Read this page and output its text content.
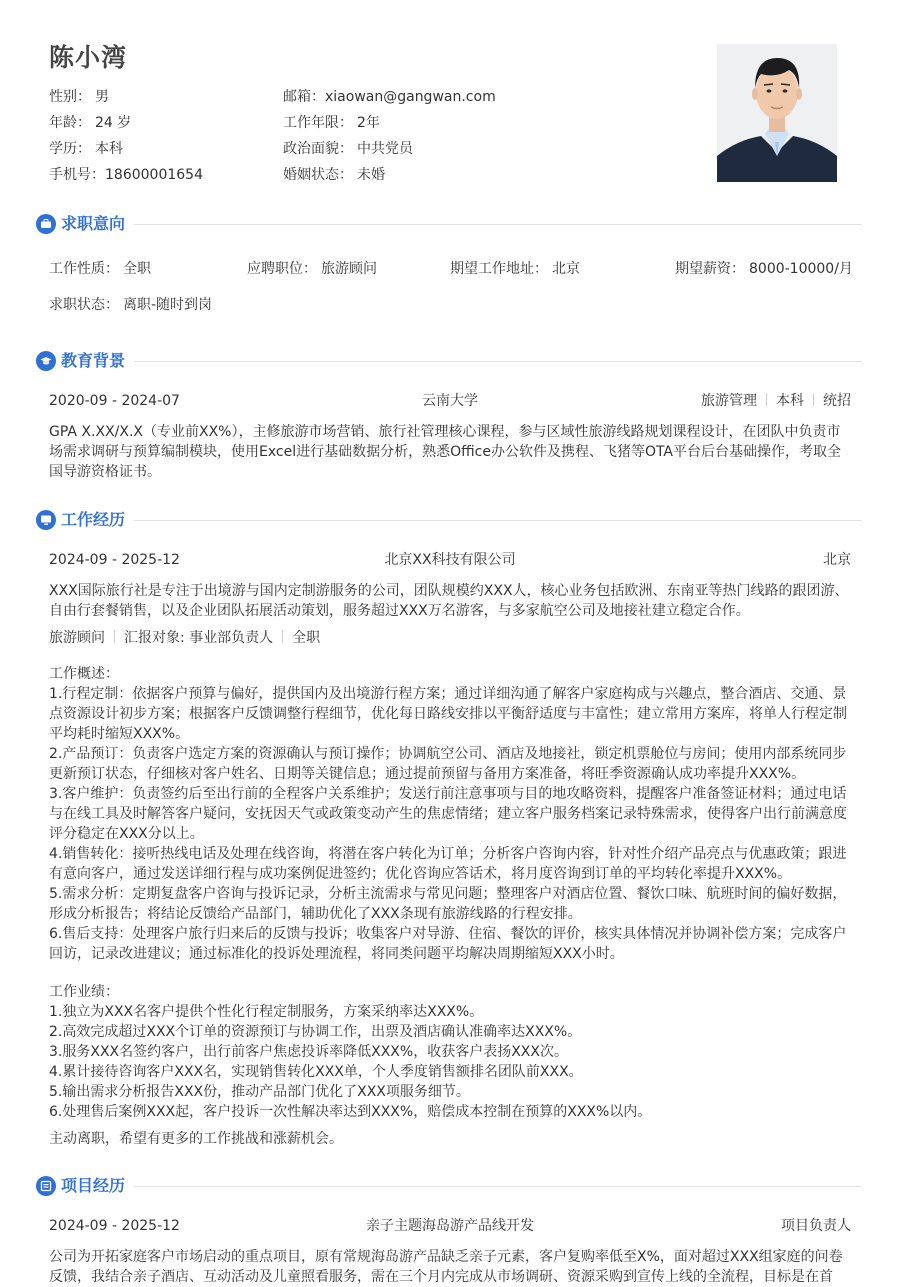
陈小湾
性别： 男
年龄： 24 岁
学历： 本科
手机号：18600001654
邮箱：xiaowan@gangwan.com
工作年限： 2年
政治面貌： 中共党员
婚姻状态： 未婚
求职意向
工作性质： 全职	应聘职位： 旅游顾问	期望工作地址： 北京	期望薪资： 8000-10000/月
求职状态： 离职-随时到岗
教育背景
2020-09 - 2024-07	云南大学	旅游管理 本科 统招
GPA X.XX/X.X（专业前XX%），主修旅游市场营销、旅行社管理核心课程，参与区域性旅游线路规划课程设计，在团队中负责市场需求调研与预算编制模块，使用Excel进行基础数据分析，熟悉Office办公软件及携程、飞猪等OTA平台后台基础操作，考取全国导游资格证书。
工作经历
2024-09 - 2025-12	北京XX科技有限公司	北京
XXX国际旅行社是专注于出境游与国内定制游服务的公司，团队规模约XXX人，核心业务包括欧洲、东南亚等热门线路的跟团游、自由行套餐销售，以及企业团队拓展活动策划，服务超过XXX万名游客，与多家航空公司及地接社建立稳定合作。
旅游顾问 汇报对象: 事业部负责人 全职

工作概述：

1.行程定制：依据客户预算与偏好，提供国内及出境游行程方案；通过详细沟通了解客户家庭构成与兴趣点，整合酒店、交通、景点资源设计初步方案；根据客户反馈调整行程细节，优化每日路线安排以平衡舒适度与丰富性；建立常用方案库，将单人行程定制平均耗时缩短XXX%。

2.产品预订：负责客户选定方案的资源确认与预订操作；协调航空公司、酒店及地接社，锁定机票舱位与房间；使用内部系统同步更新预订状态，仔细核对客户姓名、日期等关键信息；通过提前预留与备用方案准备，将旺季资源确认成功率提升XXX%。

3.客户维护：负责签约后至出行前的全程客户关系维护；发送行前注意事项与目的地攻略资料，提醒客户准备签证材料；通过电话与在线工具及时解答客户疑问，安抚因天气或政策变动产生的焦虑情绪；建立客户服务档案记录特殊需求，使得客户出行前满意度评分稳定在XXX分以上。

4.销售转化：接听热线电话及处理在线咨询，将潜在客户转化为订单；分析客户咨询内容，针对性介绍产品亮点与优惠政策；跟进有意向客户，通过发送详细行程与成功案例促进签约；优化咨询应答话术，将月度咨询到订单的平均转化率提升XXX%。

5.需求分析：定期复盘客户咨询与投诉记录，分析主流需求与常见问题；整理客户对酒店位置、餐饮口味、航班时间的偏好数据，形成分析报告；将结论反馈给产品部门，辅助优化了XXX条现有旅游线路的行程安排。

6.售后支持：处理客户旅行归来后的反馈与投诉；收集客户对导游、住宿、餐饮的评价，核实具体情况并协调补偿方案；完成客户回访，记录改进建议；通过标准化的投诉处理流程，将同类问题平均解决周期缩短XXX小时。

工作业绩：

1.独立为XXX名客户提供个性化行程定制服务，方案采纳率达XXX%。

2.高效完成超过XXX个订单的资源预订与协调工作，出票及酒店确认准确率达XXX%。

3.服务XXX名签约客户，出行前客户焦虑投诉率降低XXX%，收获客户表扬XXX次。

4.累计接待咨询客户XXX名，实现销售转化XXX单，个人季度销售额排名团队前XXX。

5.输出需求分析报告XXX份，推动产品部门优化了XXX项服务细节。

6.处理售后案例XXX起，客户投诉一次性解决率达到XXX%，赔偿成本控制在预算的XXX%以内。

主动离职，希望有更多的工作挑战和涨薪机会。
项目经历
2024-09 - 2025-12	亲子主题海岛游产品线开发	项目负责人
公司为开拓家庭客户市场启动的重点项目，原有常规海岛游产品缺乏亲子元素，客户复购率低至X%，面对超过XXX组家庭的问卷反馈，我结合亲子酒店、互动活动及儿童照看服务，需在三个月内完成从市场调研、资源采购到宣传上线的全流程，目标是在首
